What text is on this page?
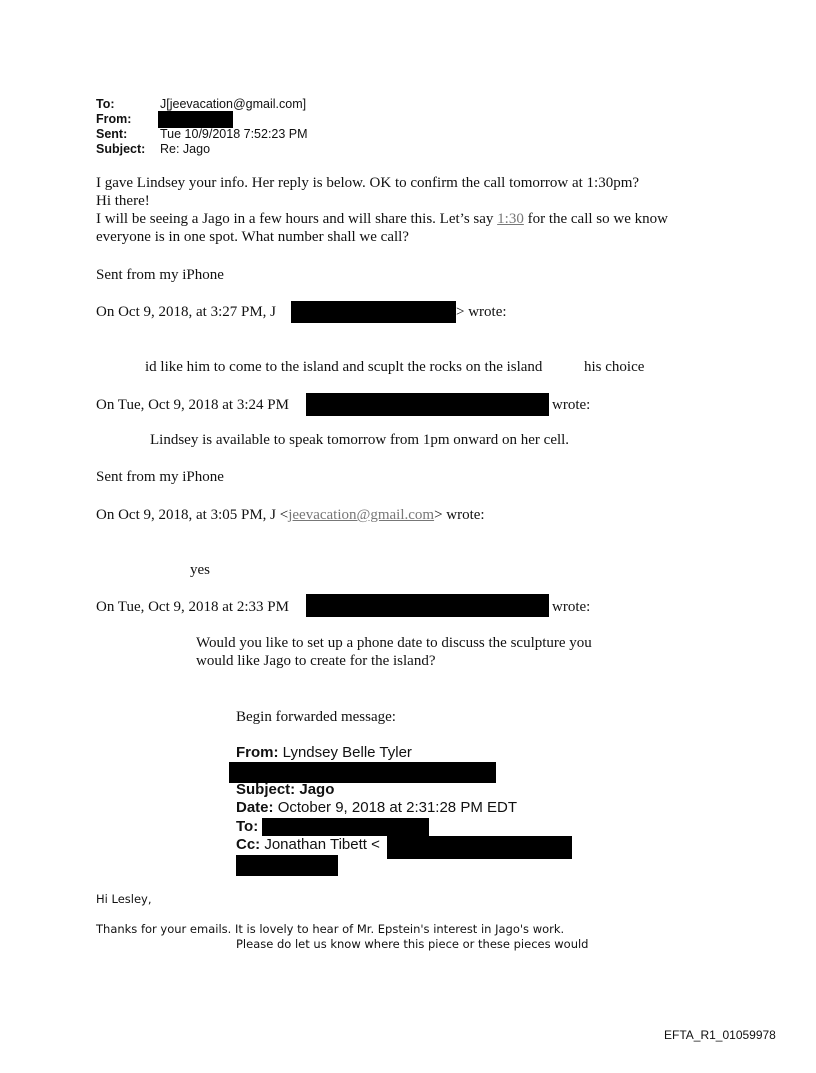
To:	J[jeevacation@gmail.com]
From:
Sent:	Tue 10/9/2018 7:52:23 PM
Subject: Re: Jago
I gave Lindsey your info. Her reply is below. OK to confirm the call tomorrow at 1:30pm?
Hi there!
I will be seeing a Jago in a few hours and will share this. Let’s say 1:30 for the call so we know
everyone is in one spot. What number shall we call?
Sent from my iPhone
On Oct 9, 2018, at 3:27 PM, J	> wrote:
id like him to come to the island and scuplt the rocks on the island	his choice
On Tue, Oct 9, 2018 at 3:24 PM	wrote:
Lindsey is available to speak tomorrow from 1pm onward on her cell.
Sent from my iPhone
On Oct 9, 2018, at 3:05 PM, J <jeevacation@gmail.com> wrote:
yes
On Tue, Oct 9, 2018 at 2:33 PM	wrote:
Would you like to set up a phone date to discuss the sculpture you
would like Jago to create for the island?
Begin forwarded message:
From: Lyndsey Belle Tyler
Subject: Jago
Date: October 9, 2018 at 2:31:28 PM EDT
To:
Cc: Jonathan Tibett <
Hi Lesley,
Thanks for your emails. It is lovely to hear of Mr. Epstein's interest in Jago's work.
Please do let us know where this piece or these pieces would
EFTA_R1_01059978
